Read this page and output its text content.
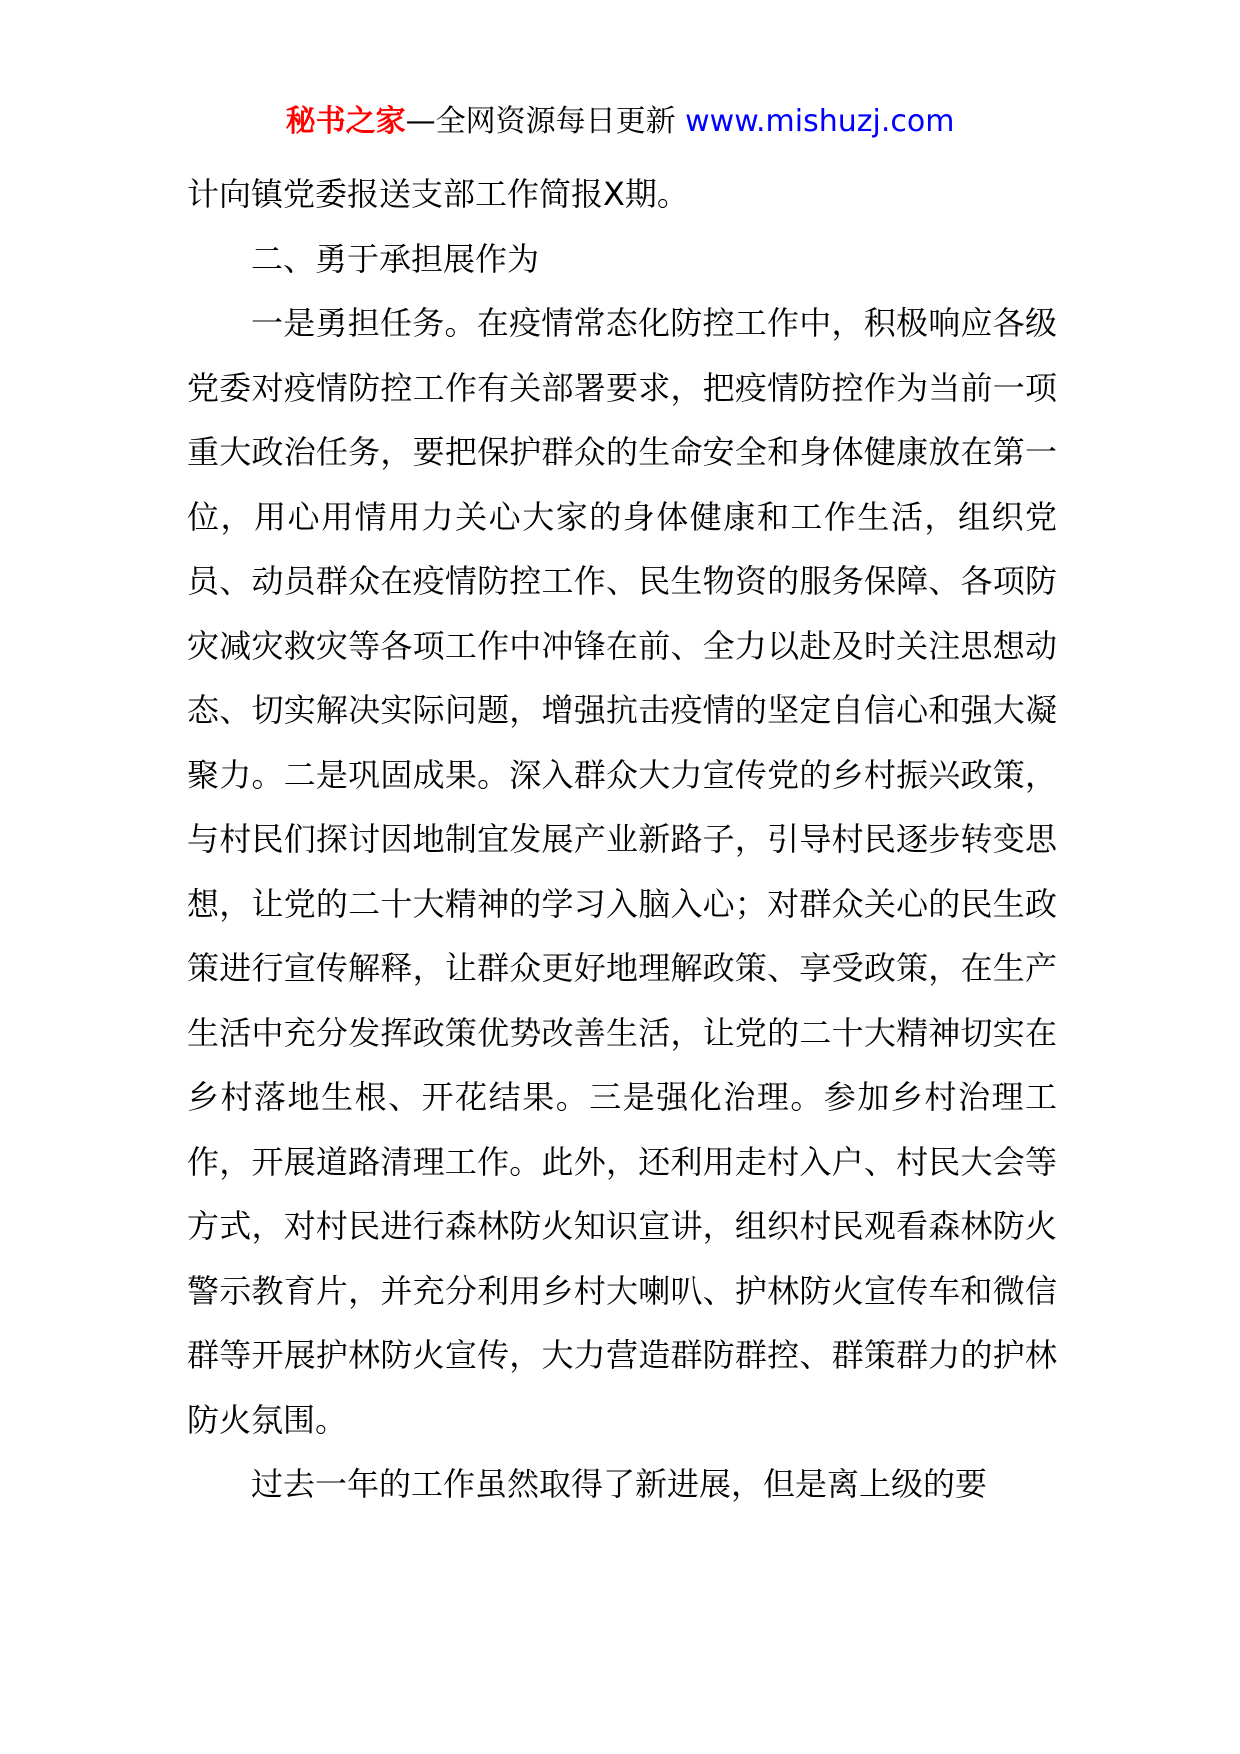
秘书之家—全网资源每日更新 www.mishuzj.com

计向镇党委报送支部工作简报X期。

二、勇于承担展作为

一是勇担任务。在疫情常态化防控工作中，积极响应各级党委对疫情防控工作有关部署要求，把疫情防控作为当前一项重大政治任务，要把保护群众的生命安全和身体健康放在第一位，用心用情用力关心大家的身体健康和工作生活，组织党员、动员群众在疫情防控工作、民生物资的服务保障、各项防灾减灾救灾等各项工作中冲锋在前、全力以赴及时关注思想动态、切实解决实际问题，增强抗击疫情的坚定自信心和强大凝聚力。二是巩固成果。深入群众大力宣传党的乡村振兴政策，与村民们探讨因地制宜发展产业新路子，引导村民逐步转变思想，让党的二十大精神的学习入脑入心；对群众关心的民生政策进行宣传解释，让群众更好地理解政策、享受政策，在生产生活中充分发挥政策优势改善生活，让党的二十大精神切实在乡村落地生根、开花结果。三是强化治理。参加乡村治理工作，开展道路清理工作。此外，还利用走村入户、村民大会等方式，对村民进行森林防火知识宣讲，组织村民观看森林防火警示教育片，并充分利用乡村大喇叭、护林防火宣传车和微信群等开展护林防火宣传，大力营造群防群控、群策群力的护林防火氛围。

过去一年的工作虽然取得了新进展，但是离上级的要
